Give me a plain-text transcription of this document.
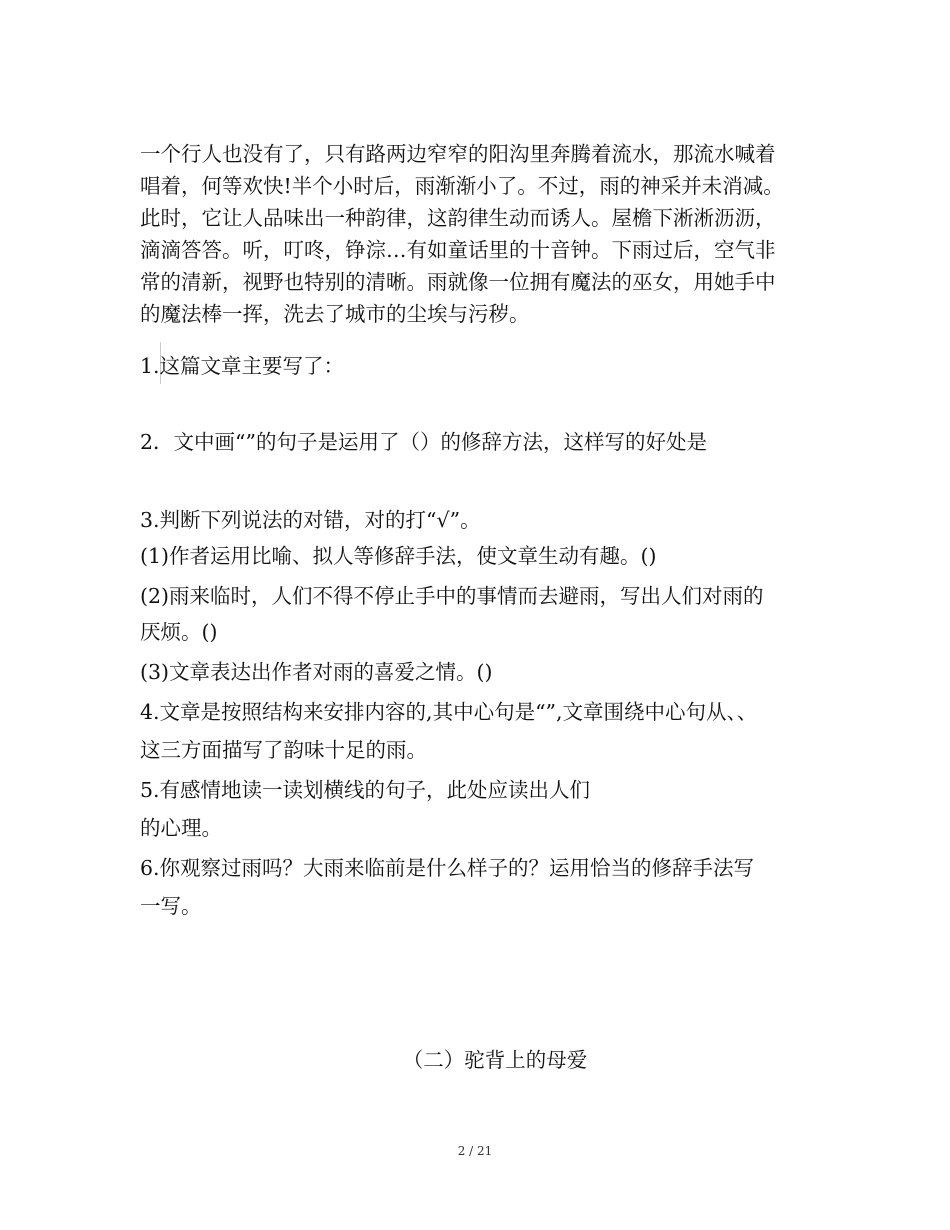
一个行人也没有了，只有路两边窄窄的阳沟里奔腾着流水，那流水喊着
唱着，何等欢快!半个小时后，雨渐渐小了。不过，雨的神采并未消减。
此时，它让人品味出一种韵律，这韵律生动而诱人。屋檐下淅淅沥沥，
滴滴答答。听，叮咚，铮淙…有如童话里的十音钟。下雨过后，空气非
常的清新，视野也特别的清晰。雨就像一位拥有魔法的巫女，用她手中
的魔法棒一挥，洗去了城市的尘埃与污秽。
1.这篇文章主要写了：
2．文中画“”的句子是运用了（）的修辞方法，这样写的好处是
3.判断下列说法的对错，对的打“√”。
(1)作者运用比喻、拟人等修辞手法，使文章生动有趣。()
(2)雨来临时，人们不得不停止手中的事情而去避雨，写出人们对雨的
厌烦。()
(3)文章表达出作者对雨的喜爱之情。()
4.文章是按照结构来安排内容的,其中心句是“”,文章围绕中心句从、、
这三方面描写了韵味十足的雨。
5.有感情地读一读划横线的句子，此处应读出人们
的心理。
6.你观察过雨吗？大雨来临前是什么样子的？运用恰当的修辞手法写
一写。
（二）驼背上的母爱
2 / 21
